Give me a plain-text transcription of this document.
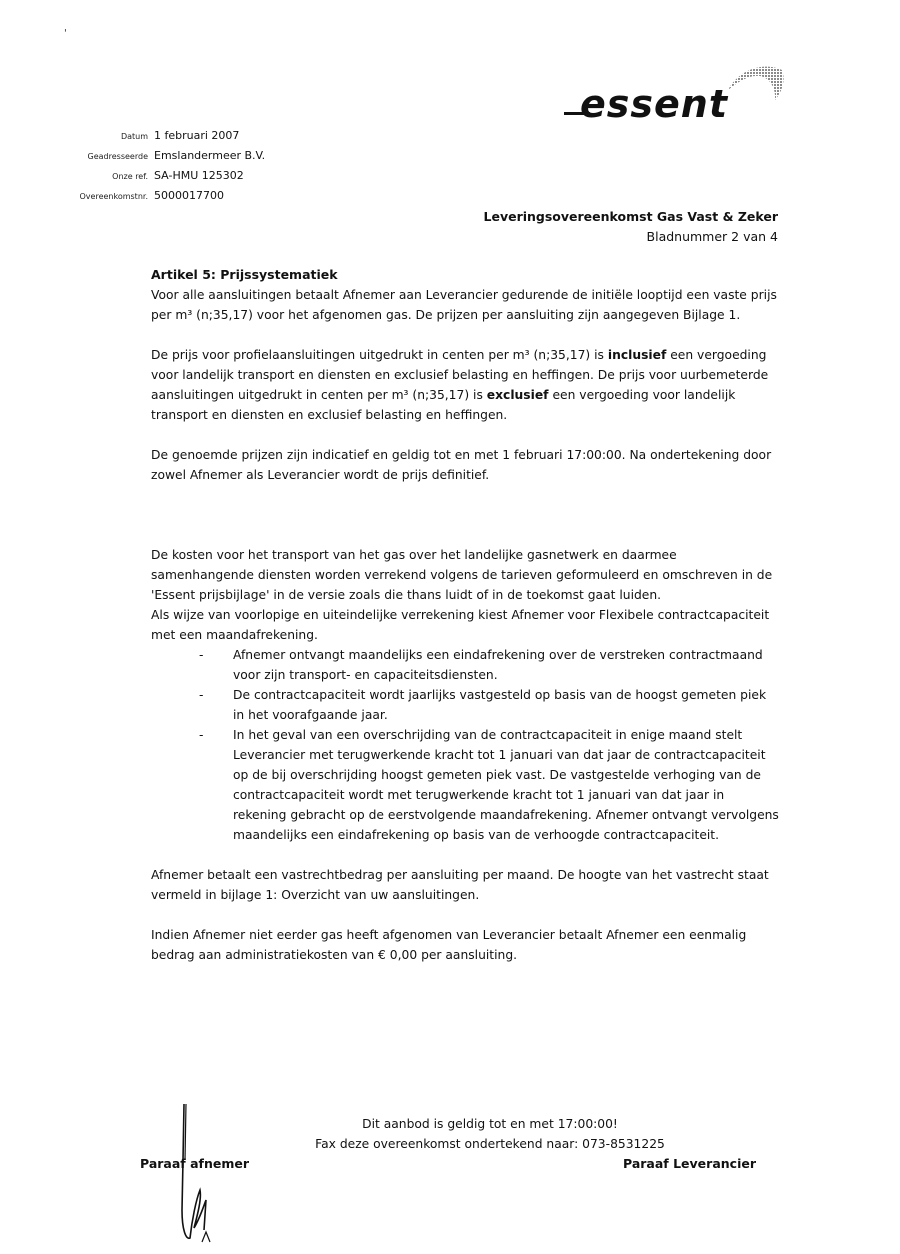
'
essent
Datum 1 februari 2007
Geadresseerde Emslandermeer B.V.
Onze ref. SA-HMU 125302
Overeenkomstnr. 5000017700
Leveringsovereenkomst Gas Vast & Zeker
Bladnummer 2 van 4
Artikel 5: Prijssystematiek

Voor alle aansluitingen betaalt Afnemer aan Leverancier gedurende de initiële looptijd een vaste prijs per m³ (n;35,17) voor het afgenomen gas. De prijzen per aansluiting zijn aangegeven Bijlage 1.

De prijs voor profielaansluitingen uitgedrukt in centen per m³ (n;35,17) is inclusief een vergoeding voor landelijk transport en diensten en exclusief belasting en heffingen. De prijs voor uurbemeterde aansluitingen uitgedrukt in centen per m³ (n;35,17) is exclusief een vergoeding voor landelijk transport en diensten en exclusief belasting en heffingen.

De genoemde prijzen zijn indicatief en geldig tot en met 1 februari 17:00:00. Na ondertekening door zowel Afnemer als Leverancier wordt de prijs definitief.

De kosten voor het transport van het gas over het landelijke gasnetwerk en daarmee samenhangende diensten worden verrekend volgens de tarieven geformuleerd en omschreven in de 'Essent prijsbijlage' in de versie zoals die thans luidt of in de toekomst gaat luiden.

Als wijze van voorlopige en uiteindelijke verrekening kiest Afnemer voor Flexibele contractcapaciteit met een maandafrekening.

- Afnemer ontvangt maandelijks een eindafrekening over de verstreken contractmaand voor zijn transport- en capaciteitsdiensten.
- De contractcapaciteit wordt jaarlijks vastgesteld op basis van de hoogst gemeten piek in het voorafgaande jaar.
- In het geval van een overschrijding van de contractcapaciteit in enige maand stelt Leverancier met terugwerkende kracht tot 1 januari van dat jaar de contractcapaciteit op de bij overschrijding hoogst gemeten piek vast. De vastgestelde verhoging van de contractcapaciteit wordt met terugwerkende kracht tot 1 januari van dat jaar in rekening gebracht op de eerstvolgende maandafrekening. Afnemer ontvangt vervolgens maandelijks een eindafrekening op basis van de verhoogde contractcapaciteit.

Afnemer betaalt een vastrechtbedrag per aansluiting per maand. De hoogte van het vastrecht staat vermeld in bijlage 1: Overzicht van uw aansluitingen.

Indien Afnemer niet eerder gas heeft afgenomen van Leverancier betaalt Afnemer een eenmalig bedrag aan administratiekosten van € 0,00 per aansluiting.

Dit aanbod is geldig tot en met 17:00:00!
Fax deze overeenkomst ondertekend naar: 073-8531225
Paraaf afnemer	Paraaf Leverancier
